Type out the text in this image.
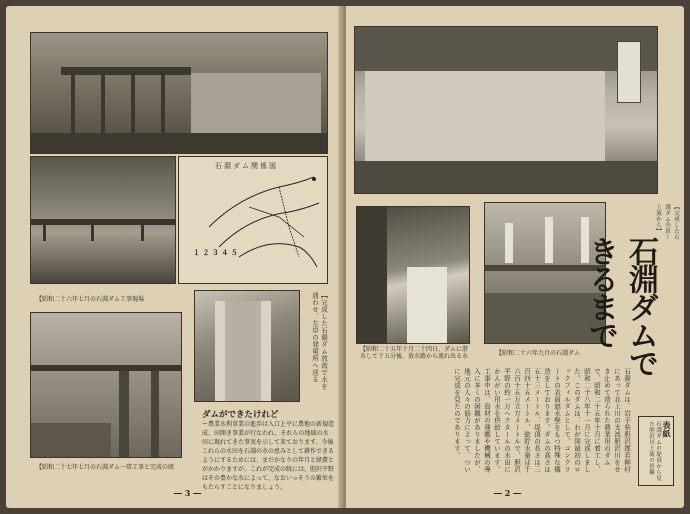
石淵ダム関係図
１ ２ ３ ４ ５
【昭和二十六年七月の石淵ダム工事現場	【完成した石淵ダム放流で水を通わせ、左岸の発電所へ送る
ダムができたけれど
ー農業水利事業の進歩は入口上平に農地の新規造成、田開き事業が行なわれ、それらの地域の水田に現れてきた事実を示して来ております。今後これらの水田を石淵の水の恵みとして耕作できるようにするためには、まだかなりの年月と経費とがかかりますが、これが完成の暁には、胆沢平野はその豊かな水によって、なおいっそうの繁栄をもたらすことになりましょう。
【昭和二十七年七月の石淵ダム一帯工事と完成の頃
― 3 ―
【完成した石淵ダム全景ー上流から】
【昭和二十五年十月二十四日、ダムに湛水して十五分後、放水路から流れ出る水	【昭和二十六年九月の石淵ダム	石淵ダムできるまで
表紙
石淵ダムの堤頂から見た胆沢川上流の景観
石淵ダムは、岩手県胆沢郡若柳村にあって北上川の支流胆沢川をせき止めて造られた農業用のダムで、昭和二十五年十月に着工し、昭和二十八年十一月に完成しました。このダムは、わが国最初のロックフィルダムとして、コンクリートの表面遮水壁をもつ特殊な構造をしております。ダムの高さは五十三メートル、堤頂の長さは三百四十五メートル、総貯水量は千六百十五万立方メートルで、胆沢平野の約一万ヘクタールの水田にかんがい用水を供給しています。工事中は、資材の運搬や機械の導入に多くの困難がありましたが、地元の人々の協力によって、ついに完成を見たのであります。
― 2 ―
